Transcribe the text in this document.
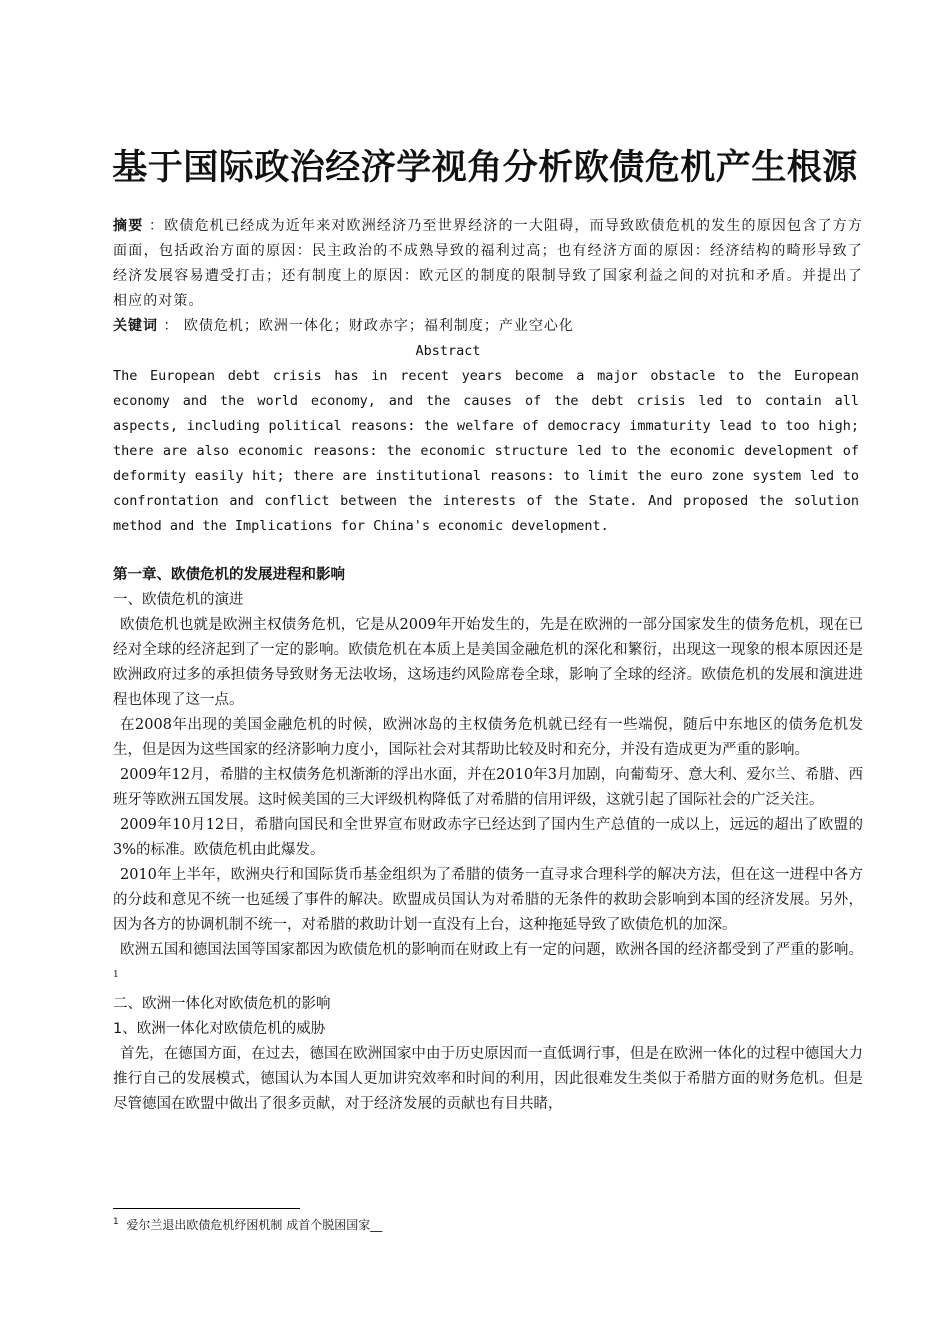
基于国际政治经济学视角分析欧债危机产生根源
摘要 ：欧债危机已经成为近年来对欧洲经济乃至世界经济的一大阻碍，而导致欧债危机的发生的原因包含了方方面面，包括政治方面的原因：民主政治的不成熟导致的福利过高；也有经济方面的原因：经济结构的畸形导致了经济发展容易遭受打击；还有制度上的原因：欧元区的制度的限制导致了国家利益之间的对抗和矛盾。并提出了相应的对策。
关键词 ： 欧债危机；欧洲一体化；财政赤字；福利制度；产业空心化
Abstract
The European debt crisis has in recent years become a major obstacle to the European economy and the world economy, and the causes of the debt crisis led to contain all aspects, including political reasons: the welfare of democracy immaturity lead to too high; there are also economic reasons: the economic structure led to the economic development of deformity easily hit; there are institutional reasons: to limit the euro zone system led to confrontation and conflict between the interests of the State. And proposed the solution method and the Implications for China's economic development.
第一章、欧债危机的发展进程和影响

一、欧债危机的演进

欧债危机也就是欧洲主权债务危机，它是从2009年开始发生的，先是在欧洲的一部分国家发生的债务危机，现在已经对全球的经济起到了一定的影响。欧债危机在本质上是美国金融危机的深化和繁衍，出现这一现象的根本原因还是欧洲政府过多的承担债务导致财务无法收场，这场违约风险席卷全球，影响了全球的经济。欧债危机的发展和演进进程也体现了这一点。

在2008年出现的美国金融危机的时候，欧洲冰岛的主权债务危机就已经有一些端倪，随后中东地区的债务危机发生，但是因为这些国家的经济影响力度小，国际社会对其帮助比较及时和充分，并没有造成更为严重的影响。

2009年12月，希腊的主权债务危机渐渐的浮出水面，并在2010年3月加剧，向葡萄牙、意大利、爱尔兰、希腊、西班牙等欧洲五国发展。这时候美国的三大评级机构降低了对希腊的信用评级，这就引起了国际社会的广泛关注。

2009年10月12日，希腊向国民和全世界宣布财政赤字已经达到了国内生产总值的一成以上，远远的超出了欧盟的3%的标准。欧债危机由此爆发。

2010年上半年，欧洲央行和国际货币基金组织为了希腊的债务一直寻求合理科学的解决方法，但在这一进程中各方的分歧和意见不统一也延缓了事件的解决。欧盟成员国认为对希腊的无条件的救助会影响到本国的经济发展。另外，因为各方的协调机制不统一，对希腊的救助计划一直没有上台，这种拖延导致了欧债危机的加深。

欧洲五国和德国法国等国家都因为欧债危机的影响而在财政上有一定的问题，欧洲各国的经济都受到了严重的影响。$^1$

二、欧洲一体化对欧债危机的影响

1、欧洲一体化对欧债危机的威胁

首先，在德国方面，在过去，德国在欧洲国家中由于历史原因而一直低调行事，但是在欧洲一体化的过程中德国大力推行自己的发展模式，德国认为本国人更加讲究效率和时间的利用，因此很难发生类似于希腊方面的财务危机。但是尽管德国在欧盟中做出了很多贡献，对于经济发展的贡献也有目共睹，

$^1$ 爱尔兰退出欧债危机纾困机制 成首个脱困国家__
